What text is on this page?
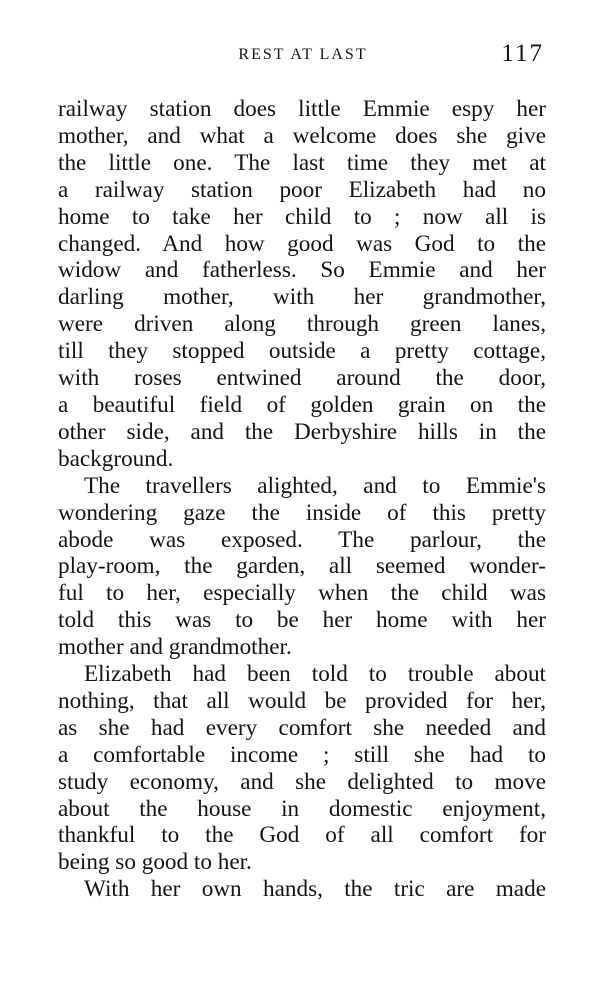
REST AT LAST	117
railway station does little Emmie espy her
mother, and what a welcome does she give
the little one. The last time they met at
a railway station poor Elizabeth had no
home to take her child to ; now all is
changed. And how good was God to the
widow and fatherless. So Emmie and her
darling mother, with her grandmother,
were driven along through green lanes,
till they stopped outside a pretty cottage,
with roses entwined around the door,
a beautiful field of golden grain on the
other side, and the Derbyshire hills in the
background.
The travellers alighted, and to Emmie's
wondering gaze the inside of this pretty
abode was exposed. The parlour, the
play-room, the garden, all seemed wonder-
ful to her, especially when the child was
told this was to be her home with her
mother and grandmother.
Elizabeth had been told to trouble about
nothing, that all would be provided for her,
as she had every comfort she needed and
a comfortable income ; still she had to
study economy, and she delighted to move
about the house in domestic enjoyment,
thankful to the God of all comfort for
being so good to her.
With her own hands, the tric are made
